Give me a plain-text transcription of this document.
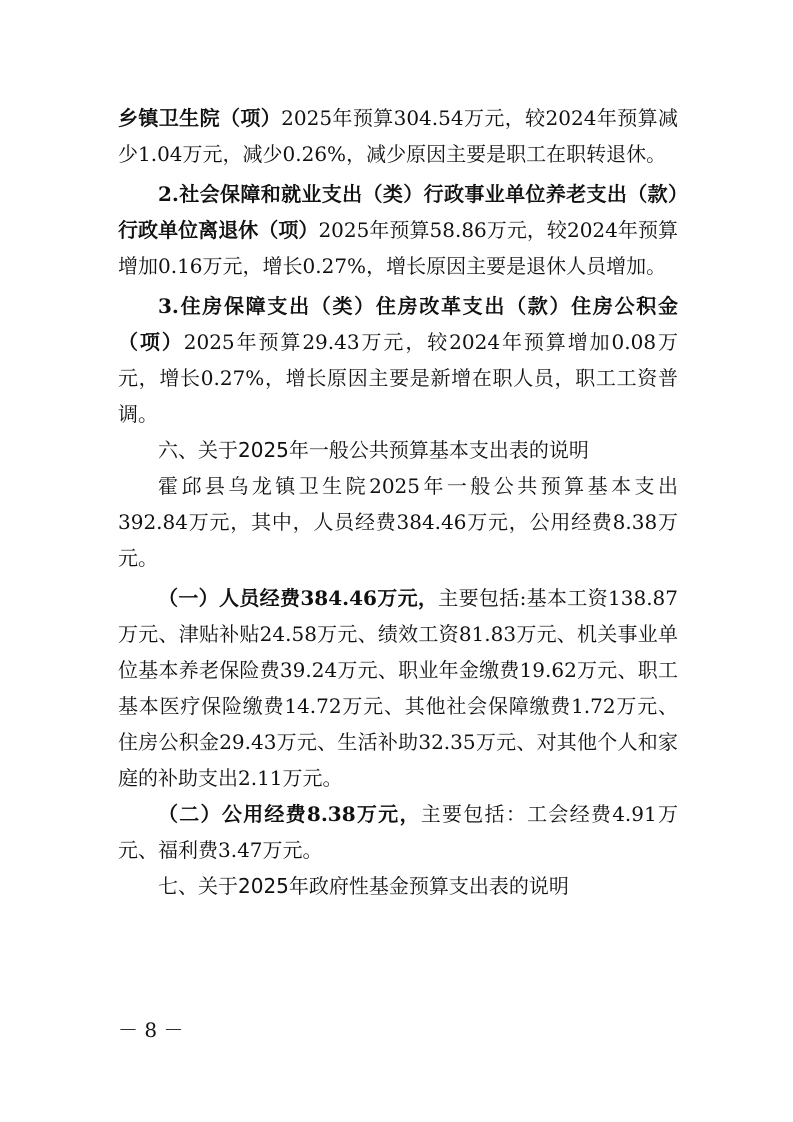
乡镇卫生院（项）2025年预算304.54万元，较2024年预算减少1.04万元，减少0.26%，减少原因主要是职工在职转退休。

2.社会保障和就业支出（类）行政事业单位养老支出（款）行政单位离退休（项）2025年预算58.86万元，较2024年预算增加0.16万元，增长0.27%，增长原因主要是退休人员增加。

3.住房保障支出（类）住房改革支出（款）住房公积金（项）2025年预算29.43万元，较2024年预算增加0.08万元，增长0.27%，增长原因主要是新增在职人员，职工工资普调。

六、关于2025年一般公共预算基本支出表的说明

霍邱县乌龙镇卫生院2025年一般公共预算基本支出392.84万元，其中，人员经费384.46万元，公用经费8.38万元。

（一）人员经费384.46万元，主要包括:基本工资138.87万元、津贴补贴24.58万元、绩效工资81.83万元、机关事业单位基本养老保险费39.24万元、职业年金缴费19.62万元、职工基本医疗保险缴费14.72万元、其他社会保障缴费1.72万元、住房公积金29.43万元、生活补助32.35万元、对其他个人和家庭的补助支出2.11万元。

（二）公用经费8.38万元，主要包括：工会经费4.91万元、福利费3.47万元。

七、关于2025年政府性基金预算支出表的说明

－ 8 －
